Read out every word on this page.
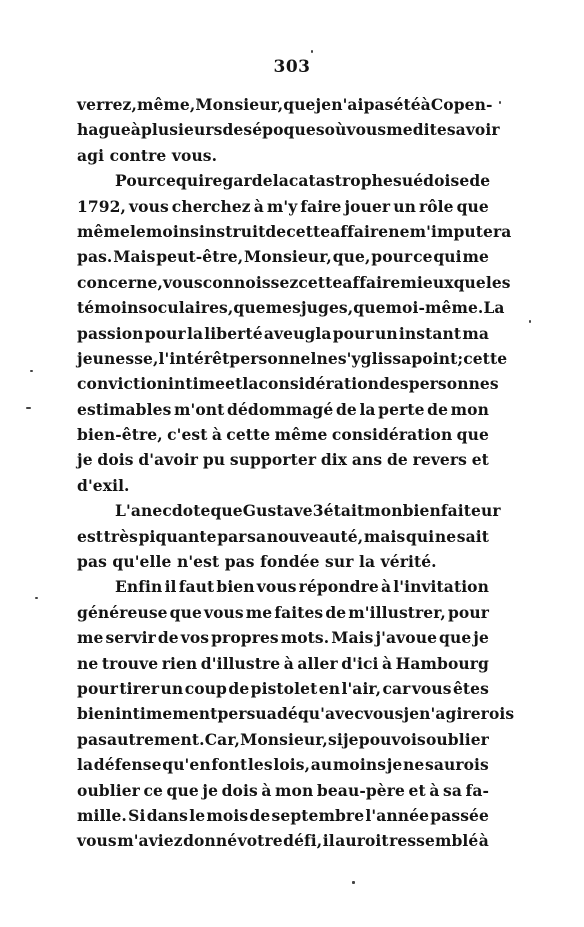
303
verrez, même, Monsieur, que je n'ai pas été à Copen-
hague à plusieurs des époques où vous me dites avoir
agi contre vous.
Pour ce qui regarde la catastrophe suédoise de
1792, vous cherchez à m'y faire jouer un rôle que
même le moins instruit de cette affaire ne m'imputera
pas. Mais peut-être, Monsieur, que, pour ce qui me
concerne, vous connoissez cette affaire mieux que les
témoins oculaires, que mes juges, que moi-même. La
passion pour la liberté aveugla pour un instant ma
jeunesse, l'intérêt personnel ne s'y glissa point; cette
conviction intime et la considération des personnes
estimables m'ont dédommagé de la perte de mon
bien-être, c'est à cette même considération que
je dois d'avoir pu supporter dix ans de revers et
d'exil.
L'anecdote que Gustave 3 était mon bienfaiteur
est très piquante par sa nouveauté, mais qui ne sait
pas qu'elle n'est pas fondée sur la vérité.
Enfin il faut bien vous répondre à l'invitation
généreuse que vous me faites de m'illustrer, pour
me servir de vos propres mots. Mais j'avoue que je
ne trouve rien d'illustre à aller d'ici à Hambourg
pour tirer un coup de pistolet en l'air, car vous êtes
bien intimement persuadé qu'avec vous je n'agirerois
pas autrement. Car, Monsieur, si je pouvois oublier
la défense qu'en font les lois, au moins je ne saurois
oublier ce que je dois à mon beau-père et à sa fa-
mille. Si dans le mois de septembre l'année passée
vous m'aviez donné votre défi, il auroit ressemblé à
